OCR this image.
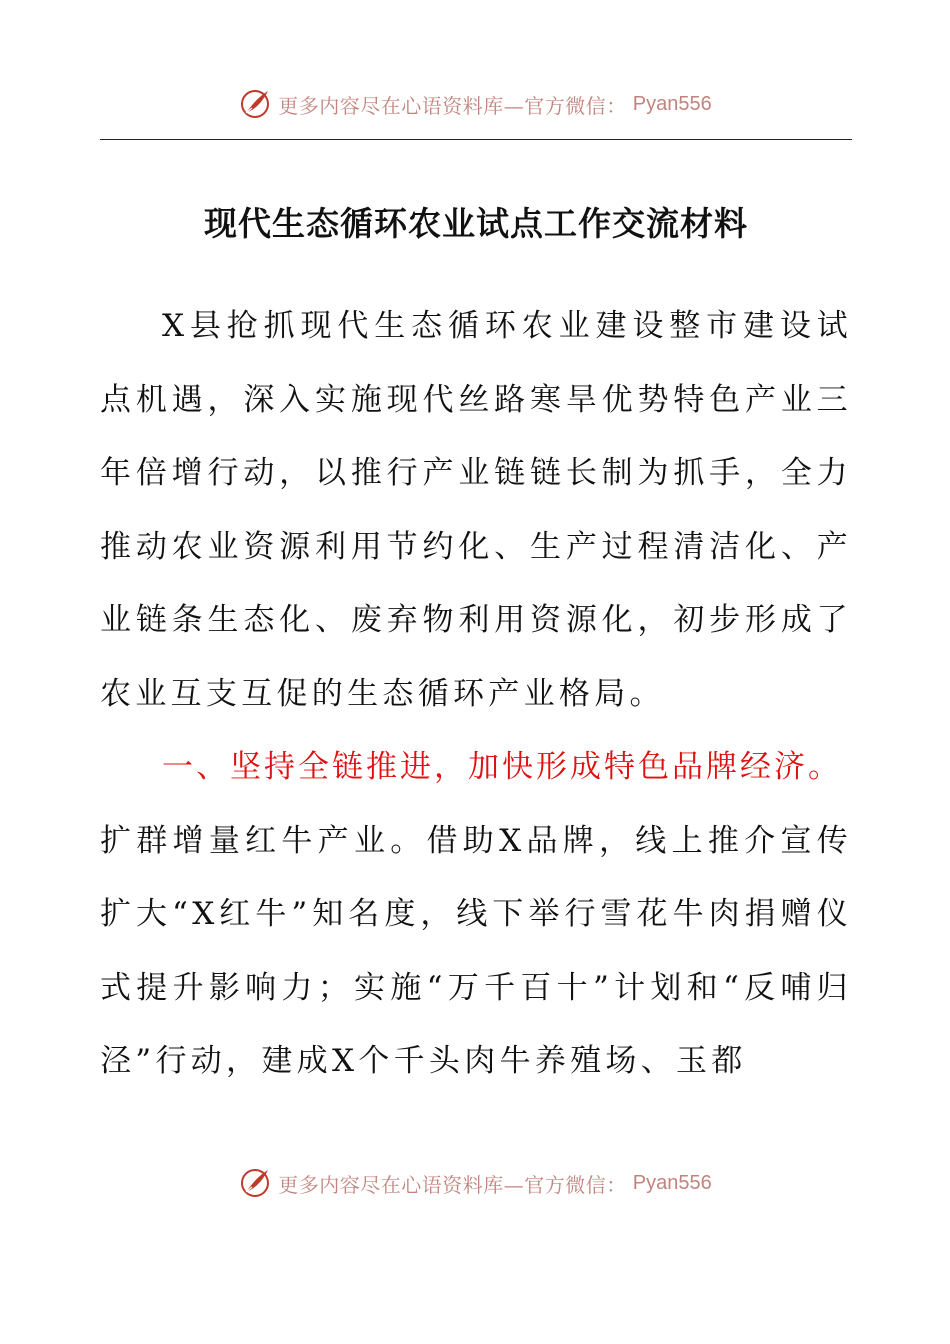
更多内容尽在心语资料库—官方微信： Pyan556
现代生态循环农业试点工作交流材料

X县抢抓现代生态循环农业建设整市建设试点机遇，深入实施现代丝路寒旱优势特色产业三年倍增行动，以推行产业链链长制为抓手，全力推动农业资源利用节约化、生产过程清洁化、产业链条生态化、废弃物利用资源化，初步形成了农业互支互促的生态循环产业格局。

一、坚持全链推进，加快形成特色品牌经济。

扩群增量红牛产业。借助X品牌，线上推介宣传扩大“X红牛”知名度，线下举行雪花牛肉捐赠仪式提升影响力；实施“万千百十”计划和“反哺归泾”行动，建成X个千头肉牛养殖场、玉都

更多内容尽在心语资料库—官方微信： Pyan556
